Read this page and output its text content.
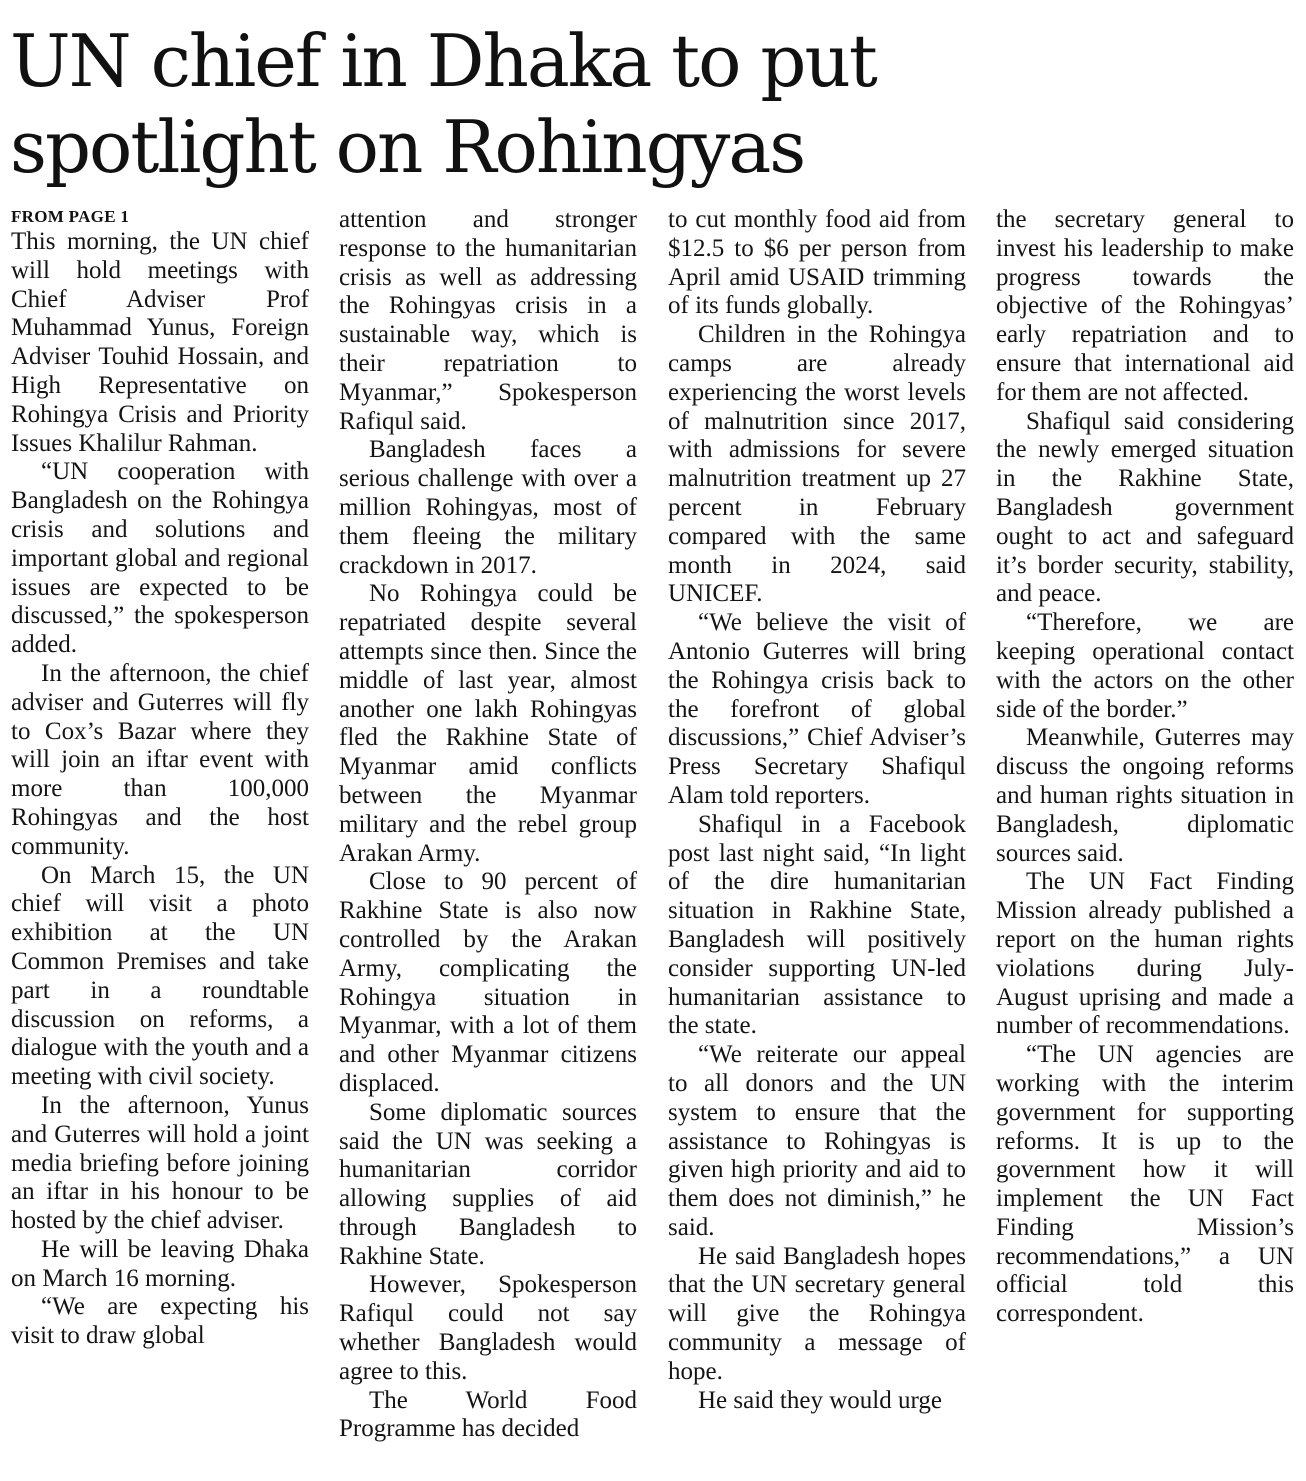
UN chief in Dhaka to put
spotlight on Rohingyas

FROM PAGE 1

This morning, the UN chief will hold meetings with Chief Adviser Prof Muhammad Yunus, Foreign Adviser Touhid Hossain, and High Representative on Rohingya Crisis and Priority Issues Khalilur Rahman.

“UN cooperation with Bangladesh on the Rohingya crisis and solutions and important global and regional issues are expected to be discussed,” the spokesperson added.

In the afternoon, the chief adviser and Guterres will fly to Cox’s Bazar where they will join an iftar event with more than 100,000 Rohingyas and the host community.

On March 15, the UN chief will visit a photo exhibition at the UN Common Premises and take part in a roundtable discussion on reforms, a dialogue with the youth and a meeting with civil society.

In the afternoon, Yunus and Guterres will hold a joint media briefing before joining an iftar in his honour to be hosted by the chief adviser.

He will be leaving Dhaka on March 16 morning.

“We are expecting his visit to draw global

attention and stronger response to the humanitarian crisis as well as addressing the Rohingyas crisis in a sustainable way, which is their repatriation to Myanmar,” Spokesperson Rafiqul said.

Bangladesh faces a serious challenge with over a million Rohingyas, most of them fleeing the military crackdown in 2017.

No Rohingya could be repatriated despite several attempts since then. Since the middle of last year, almost another one lakh Rohingyas fled the Rakhine State of Myanmar amid conflicts between the Myanmar military and the rebel group Arakan Army.

Close to 90 percent of Rakhine State is also now controlled by the Arakan Army, complicating the Rohingya situation in Myanmar, with a lot of them and other Myanmar citizens displaced.

Some diplomatic sources said the UN was seeking a humanitarian corridor allowing supplies of aid through Bangladesh to Rakhine State.

However, Spokesperson Rafiqul could not say whether Bangladesh would agree to this.

The World Food Programme has decided

to cut monthly food aid from $12.5 to $6 per person from April amid USAID trimming of its funds globally.

Children in the Rohingya camps are already experiencing the worst levels of malnutrition since 2017, with admissions for severe malnutrition treatment up 27 percent in February compared with the same month in 2024, said UNICEF.

“We believe the visit of Antonio Guterres will bring the Rohingya crisis back to the forefront of global discussions,” Chief Adviser’s Press Secretary Shafiqul Alam told reporters.

Shafiqul in a Facebook post last night said, “In light of the dire humanitarian situation in Rakhine State, Bangladesh will positively consider supporting UN-led humanitarian assistance to the state.

“We reiterate our appeal to all donors and the UN system to ensure that the assistance to Rohingyas is given high priority and aid to them does not diminish,” he said.

He said Bangladesh hopes that the UN secretary general will give the Rohingya community a message of hope.

He said they would urge

the secretary general to invest his leadership to make progress towards the objective of the Rohingyas’ early repatriation and to ensure that international aid for them are not affected.

Shafiqul said considering the newly emerged situation in the Rakhine State, Bangladesh government ought to act and safeguard it’s border security, stability, and peace.

“Therefore, we are keeping operational contact with the actors on the other side of the border.”

Meanwhile, Guterres may discuss the ongoing reforms and human rights situation in Bangladesh, diplomatic sources said.

The UN Fact Finding Mission already published a report on the human rights violations during July-August uprising and made a number of recommendations.

“The UN agencies are working with the interim government for supporting reforms. It is up to the government how it will implement the UN Fact Finding Mission’s recommendations,” a UN official told this correspondent.
